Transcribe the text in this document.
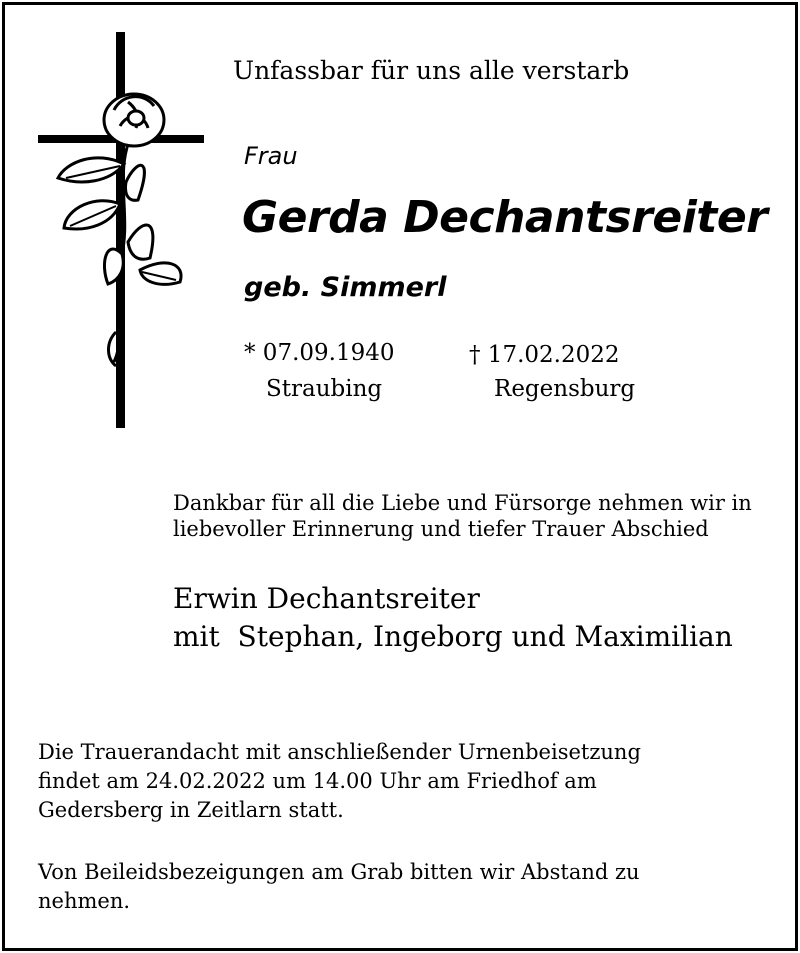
Unfassbar für uns alle verstarb
Frau
Gerda Dechantsreiter
geb. Simmerl
* 07.09.1940
Straubing
† 17.02.2022
Regensburg
Dankbar für all die Liebe und Fürsorge nehmen wir in
liebevoller Erinnerung und tiefer Trauer Abschied
Erwin Dechantsreiter
mit  Stephan, Ingeborg und Maximilian
Die Trauerandacht mit anschließender Urnenbeisetzung
findet am 24.02.2022 um 14.00 Uhr am Friedhof am
Gedersberg in Zeitlarn statt.
Von Beileidsbezeigungen am Grab bitten wir Abstand zu
nehmen.
